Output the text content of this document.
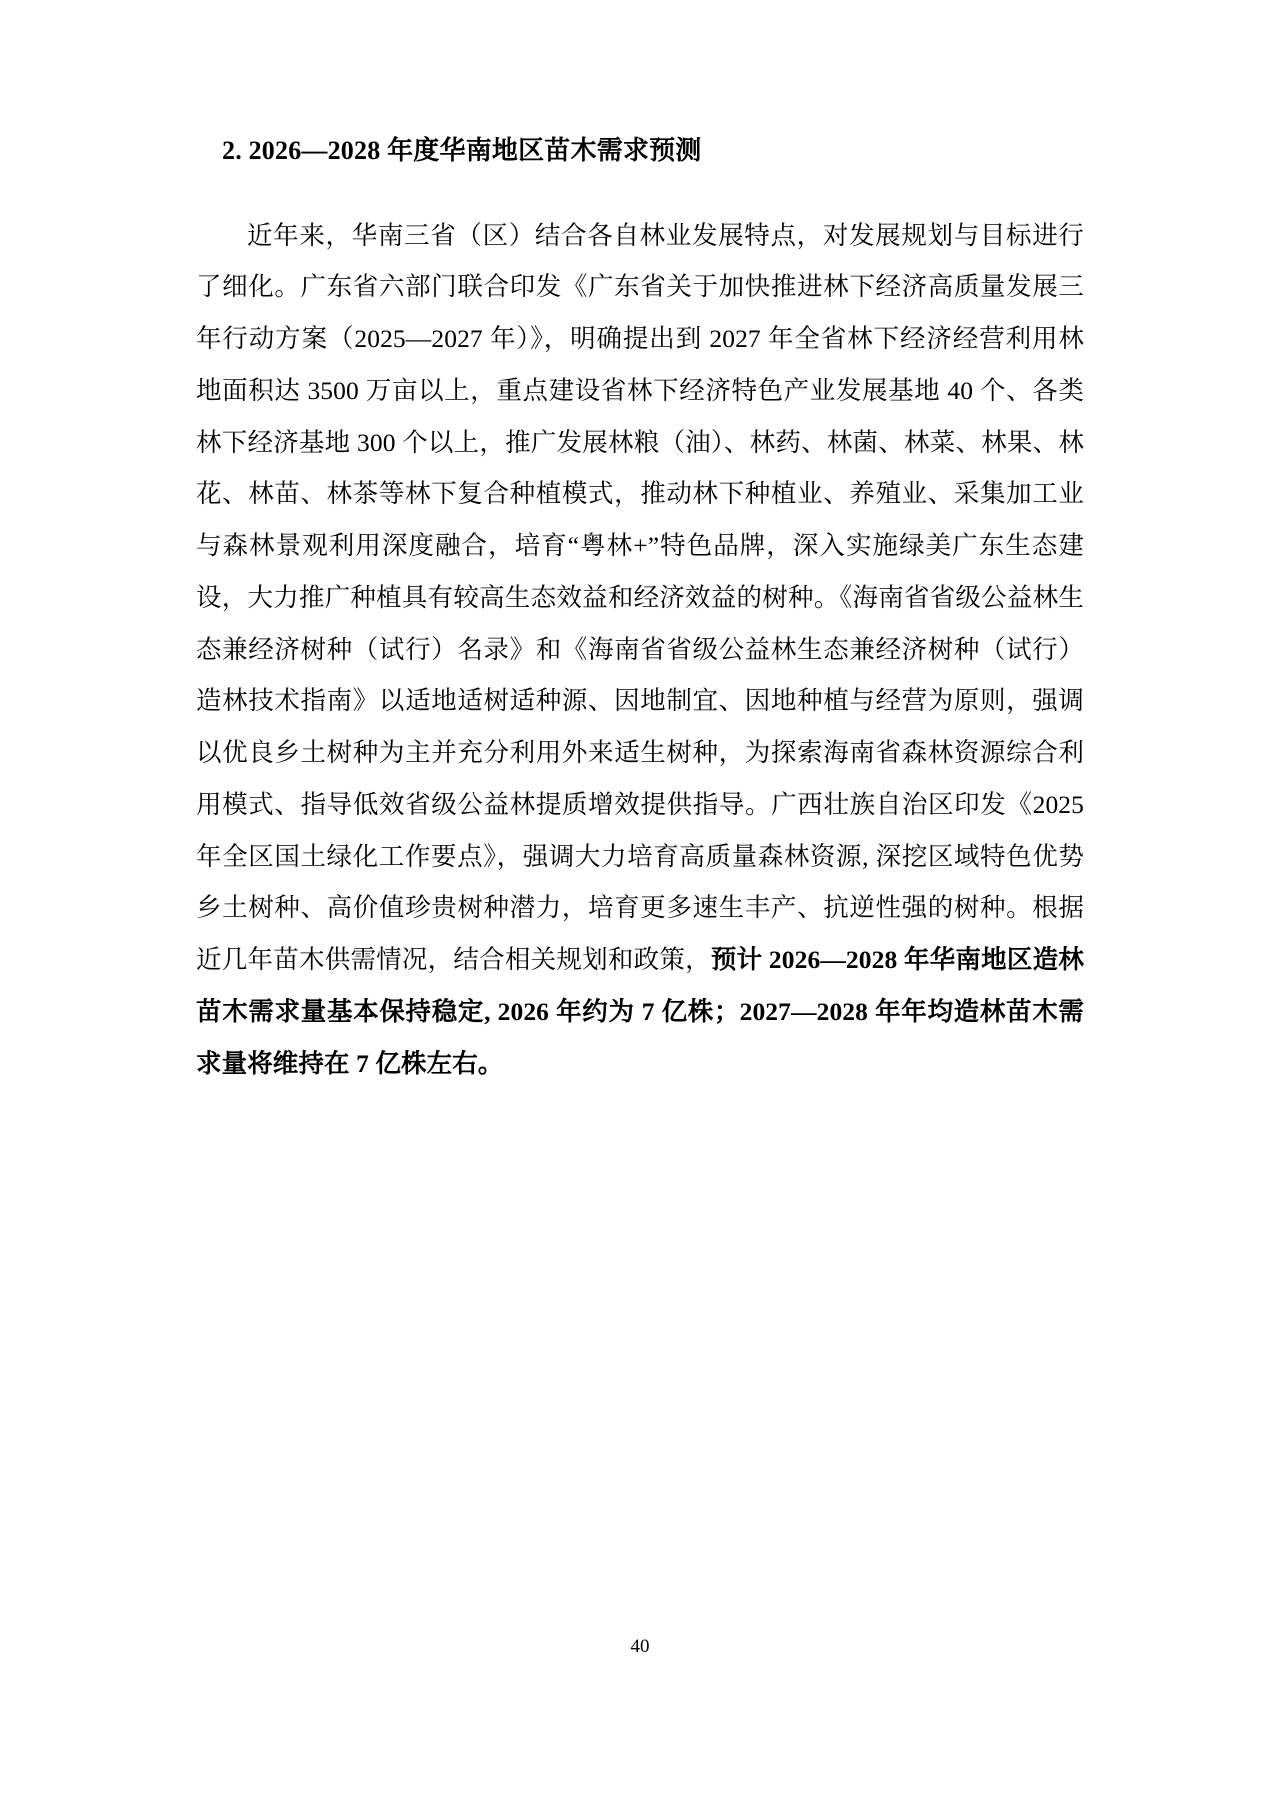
2. 2026—2028 年度华南地区苗木需求预测

近年来，华南三省（区）结合各自林业发展特点，对发展规划与目标进行了细化。广东省六部门联合印发《广东省关于加快推进林下经济高质量发展三年行动方案（2025—2027 年）》，明确提出到 2027 年全省林下经济经营利用林地面积达 3500 万亩以上，重点建设省林下经济特色产业发展基地 40 个、各类林下经济基地 300 个以上，推广发展林粮（油）、林药、林菌、林菜、林果、林花、林苗、林茶等林下复合种植模式，推动林下种植业、养殖业、采集加工业与森林景观利用深度融合，培育“粤林+”特色品牌，深入实施绿美广东生态建设，大力推广种植具有较高生态效益和经济效益的树种。《海南省省级公益林生态兼经济树种（试行）名录》和《海南省省级公益林生态兼经济树种（试行）造林技术指南》以适地适树适种源、因地制宜、因地种植与经营为原则，强调以优良乡土树种为主并充分利用外来适生树种，为探索海南省森林资源综合利用模式、指导低效省级公益林提质增效提供指导。广西壮族自治区印发《2025 年全区国土绿化工作要点》，强调大力培育高质量森林资源, 深挖区域特色优势乡土树种、高价值珍贵树种潜力，培育更多速生丰产、抗逆性强的树种。根据近几年苗木供需情况，结合相关规划和政策，预计 2026—2028 年华南地区造林苗木需求量基本保持稳定, 2026 年约为 7 亿株；2027—2028 年年均造林苗木需求量将维持在 7 亿株左右。

40
